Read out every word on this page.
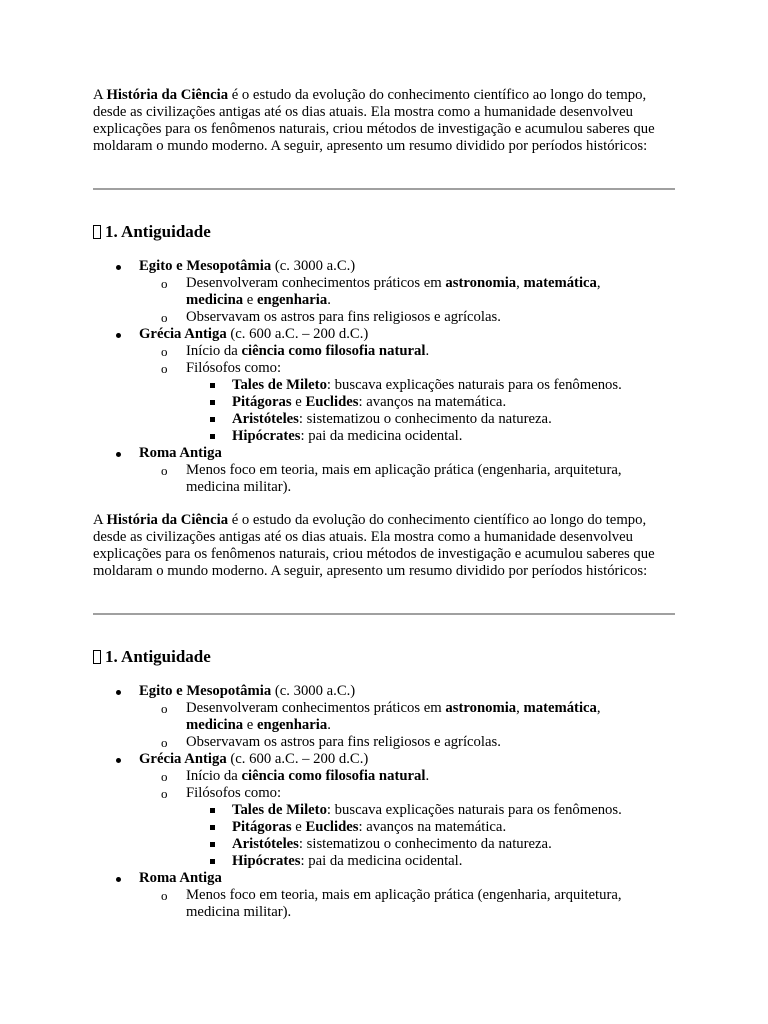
A História da Ciência é o estudo da evolução do conhecimento científico ao longo do tempo, desde as civilizações antigas até os dias atuais. Ela mostra como a humanidade desenvolveu explicações para os fenômenos naturais, criou métodos de investigação e acumulou saberes que moldaram o mundo moderno. A seguir, apresento um resumo dividido por períodos históricos:

1. Antiguidade
Egito e Mesopotâmia (c. 3000 a.C.)
o Desenvolveram conhecimentos práticos em astronomia, matemática,
medicina e engenharia.
o Observavam os astros para fins religiosos e agrícolas.
Grécia Antiga (c. 600 a.C. – 200 d.C.)
o Início da ciência como filosofia natural.
o Filósofos como:
Tales de Mileto: buscava explicações naturais para os fenômenos.
Pitágoras e Euclides: avanços na matemática.
Aristóteles: sistematizou o conhecimento da natureza.
Hipócrates: pai da medicina ocidental.
Roma Antiga
o Menos foco em teoria, mais em aplicação prática (engenharia, arquitetura, medicina militar).

A História da Ciência é o estudo da evolução do conhecimento científico ao longo do tempo, desde as civilizações antigas até os dias atuais. Ela mostra como a humanidade desenvolveu explicações para os fenômenos naturais, criou métodos de investigação e acumulou saberes que moldaram o mundo moderno. A seguir, apresento um resumo dividido por períodos históricos:

1. Antiguidade
Egito e Mesopotâmia (c. 3000 a.C.)
o Desenvolveram conhecimentos práticos em astronomia, matemática,
medicina e engenharia.
o Observavam os astros para fins religiosos e agrícolas.
Grécia Antiga (c. 600 a.C. – 200 d.C.)
o Início da ciência como filosofia natural.
o Filósofos como:
Tales de Mileto: buscava explicações naturais para os fenômenos.
Pitágoras e Euclides: avanços na matemática.
Aristóteles: sistematizou o conhecimento da natureza.
Hipócrates: pai da medicina ocidental.
Roma Antiga
o Menos foco em teoria, mais em aplicação prática (engenharia, arquitetura, medicina militar).
